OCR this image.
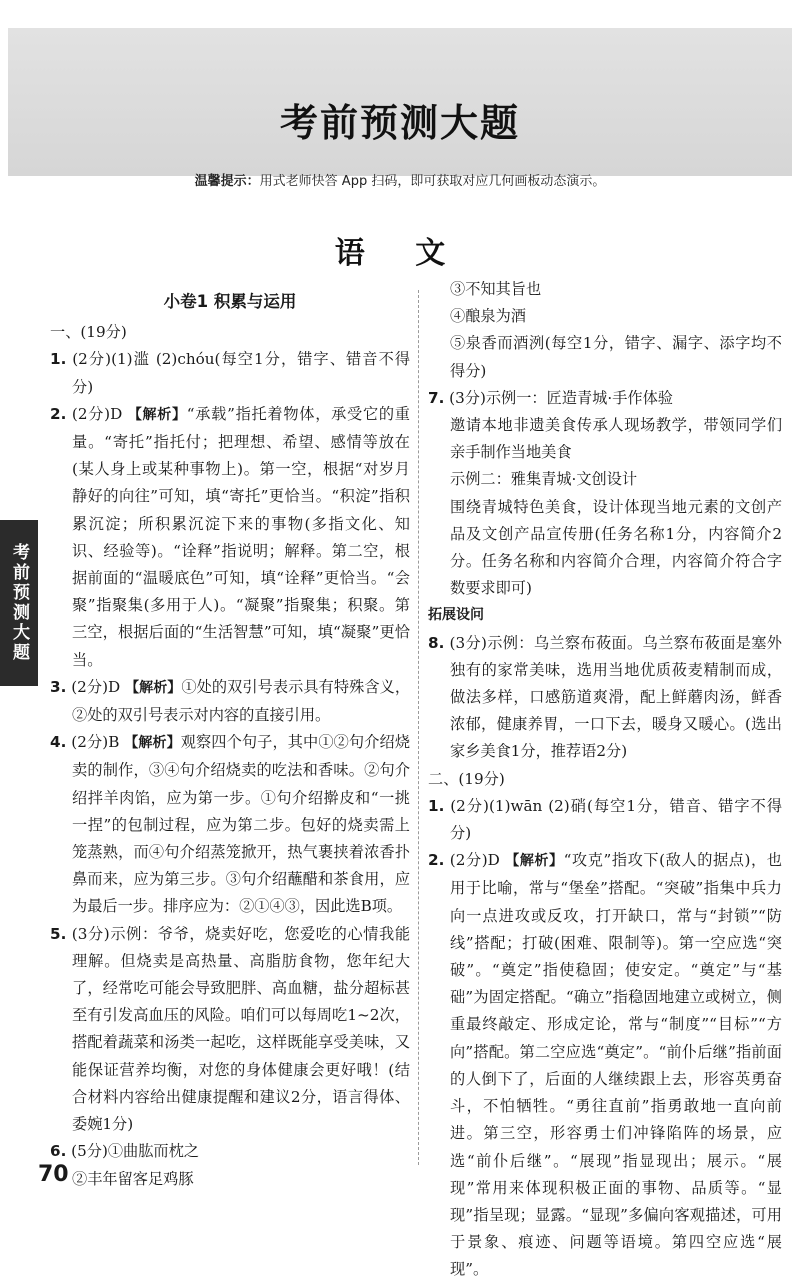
考前预测大题
温馨提示：用式老师快答 App 扫码，即可获取对应几何画板动态演示。
语 文
考前预测大题

小卷1 积累与运用

一、(19分)

1. (2分)(1)滥 (2)chóu(每空1分，错字、错音不得分)

2. (2分)D 【解析】“承载”指托着物体，承受它的重量。“寄托”指托付；把理想、希望、感情等放在(某人身上或某种事物上)。第一空，根据“对岁月静好的向往”可知，填“寄托”更恰当。“积淀”指积累沉淀；所积累沉淀下来的事物(多指文化、知识、经验等)。“诠释”指说明；解释。第二空，根据前面的“温暖底色”可知，填“诠释”更恰当。“会聚”指聚集(多用于人)。“凝聚”指聚集；积聚。第三空，根据后面的“生活智慧”可知，填“凝聚”更恰当。

3. (2分)D 【解析】①处的双引号表示具有特殊含义，②处的双引号表示对内容的直接引用。

4. (2分)B 【解析】观察四个句子，其中①②句介绍烧卖的制作，③④句介绍烧卖的吃法和香味。②句介绍拌羊肉馅，应为第一步。①句介绍擀皮和“一挑一捏”的包制过程，应为第二步。包好的烧卖需上笼蒸熟，而④句介绍蒸笼掀开，热气裹挟着浓香扑鼻而来，应为第三步。③句介绍蘸醋和茶食用，应为最后一步。排序应为：②①④③，因此选B项。

5. (3分)示例：爷爷，烧卖好吃，您爱吃的心情我能理解。但烧卖是高热量、高脂肪食物，您年纪大了，经常吃可能会导致肥胖、高血糖，盐分超标甚至有引发高血压的风险。咱们可以每周吃1~2次，搭配着蔬菜和汤类一起吃，这样既能享受美味，又能保证营养均衡，对您的身体健康会更好哦！(结合材料内容给出健康提醒和建议2分，语言得体、委婉1分)

6. (5分)①曲肱而枕之

②丰年留客足鸡豚

③不知其旨也

④酿泉为酒

⑤泉香而酒洌(每空1分，错字、漏字、添字均不得分)

7. (3分)示例一：匠造青城·手作体验

邀请本地非遗美食传承人现场教学，带领同学们亲手制作当地美食

示例二：雅集青城·文创设计

围绕青城特色美食，设计体现当地元素的文创产品及文创产品宣传册(任务名称1分，内容简介2分。任务名称和内容简介合理，内容简介符合字数要求即可)

拓展设问

8. (3分)示例：乌兰察布莜面。乌兰察布莜面是塞外独有的家常美味，选用当地优质莜麦精制而成，做法多样，口感筋道爽滑，配上鲜蘑肉汤，鲜香浓郁，健康养胃，一口下去，暖身又暖心。(选出家乡美食1分，推荐语2分)

二、(19分)

1. (2分)(1)wān (2)硝(每空1分，错音、错字不得分)

2. (2分)D 【解析】“攻克”指攻下(敌人的据点)，也用于比喻，常与“堡垒”搭配。“突破”指集中兵力向一点进攻或反攻，打开缺口，常与“封锁”“防线”搭配；打破(困难、限制等)。第一空应选“突破”。“奠定”指使稳固；使安定。“奠定”与“基础”为固定搭配。“确立”指稳固地建立或树立，侧重最终敲定、形成定论，常与“制度”“目标”“方向”搭配。第二空应选“奠定”。“前仆后继”指前面的人倒下了，后面的人继续跟上去，形容英勇奋斗，不怕牺牲。“勇往直前”指勇敢地一直向前进。第三空，形容勇士们冲锋陷阵的场景，应选“前仆后继”。“展现”指显现出；展示。“展现”常用来体现积极正面的事物、品质等。“显现”指呈现；显露。“显现”多偏向客观描述，可用于景象、痕迹、问题等语境。第四空应选“展现”。

70
